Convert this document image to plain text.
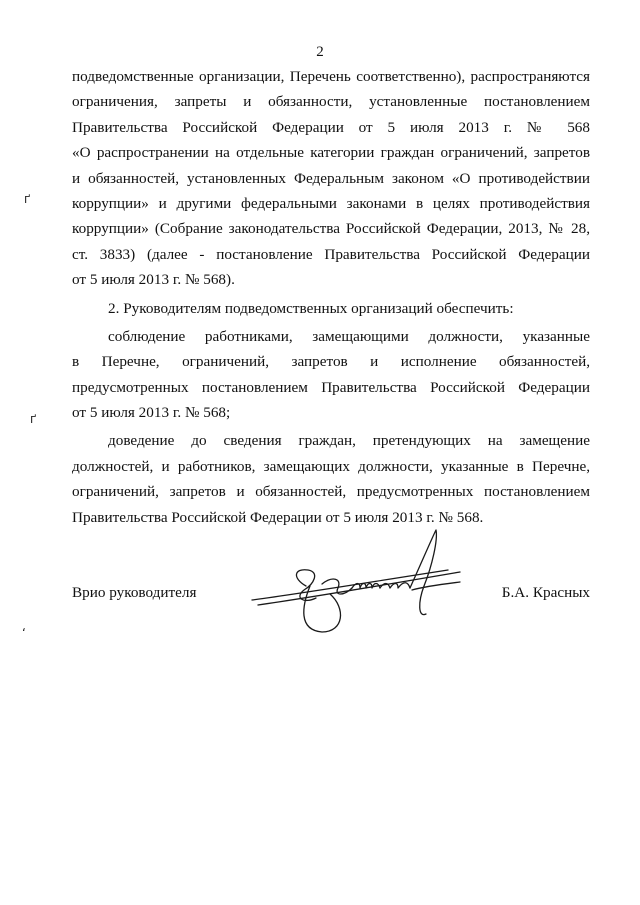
2
подведомственные организации, Перечень соответственно), распространяются
ограничения, запреты и обязанности, установленные постановлением
Правительства Российской Федерации от 5 июля 2013 г. № 568
«О распространении на отдельные категории граждан ограничений, запретов
и обязанностей, установленных Федеральным законом «О противодействии
коррупции» и другими федеральными законами в целях противодействия
коррупции» (Собрание законодательства Российской Федерации, 2013, № 28,
ст. 3833) (далее - постановление Правительства Российской Федерации
от 5 июля 2013 г. № 568).
2. Руководителям подведомственных организаций обеспечить:
соблюдение работниками, замещающими должности, указанные
в Перечне, ограничений, запретов и исполнение обязанностей,
предусмотренных постановлением Правительства Российской Федерации
от 5 июля 2013 г. № 568;
доведение до сведения граждан, претендующих на замещение
должностей, и работников, замещающих должности, указанные в Перечне,
ограничений, запретов и обязанностей, предусмотренных постановлением
Правительства Российской Федерации от 5 июля 2013 г. № 568.
Врио руководителя	Б.А. Красных
ґ
ґ
ʻ
